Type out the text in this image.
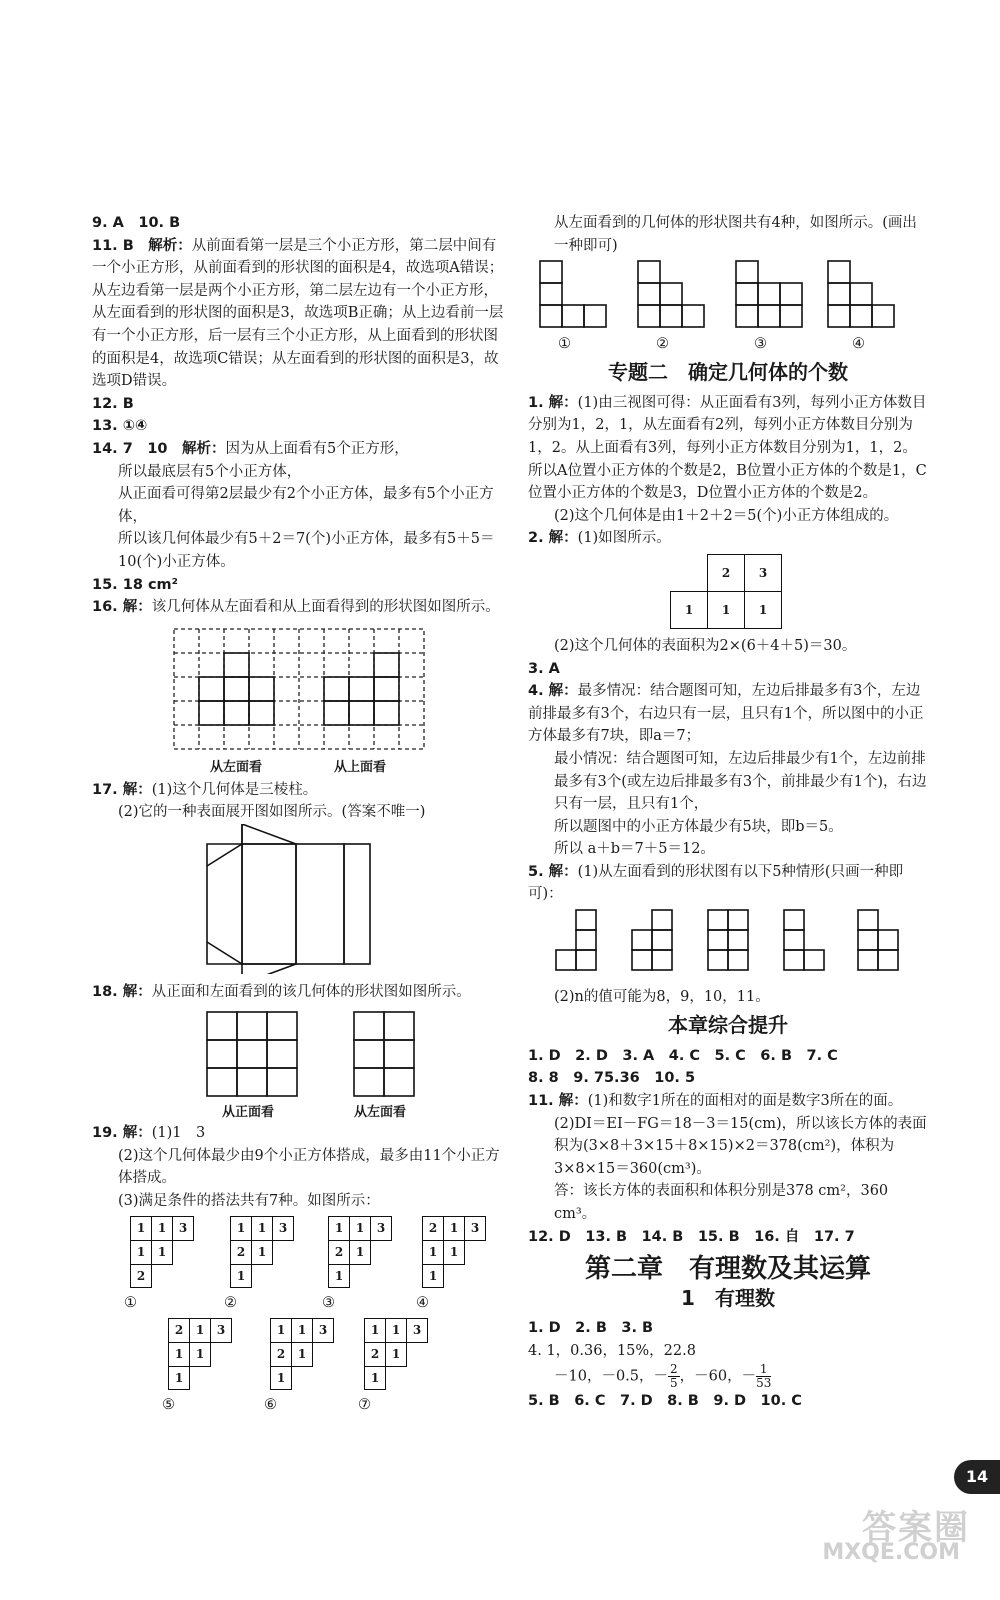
9. A　10. B

11. B　 解析：从前面看第一层是三个小正方形，第二层中间有一个小正方形，从前面看到的形状图的面积是4，故选项A错误；从左边看第一层是两个小正方形，第二层左边有一个小正方形，从左面看到的形状图的面积是3，故选项B正确；从上边看前一层有一个小正方形，后一层有三个小正方形，从上面看到的形状图的面积是4，故选项C错误；从左面看到的形状图的面积是3，故选项D错误。

12. B

13. ①④

14. 7　10　 解析：因为从上面看有5个正方形，

所以最底层有5个小正方体，

从正面看可得第2层最少有2个小正方体，最多有5个小正方体，

所以该几何体最少有5＋2＝7(个)小正方体，最多有5＋5＝10(个)小正方体。

15. 18 cm²

16. 解：该几何体从左面看和从上面看得到的形状图如图所示。

从左面看	从上面看

17. 解：(1)这个几何体是三棱柱。

(2)它的一种表面展开图如图所示。(答案不唯一)

18. 解：从正面和左面看到的该几何体的形状图如图所示。

从正面看	从左面看

19. 解：(1)1　3

(2)这个几何体最少由9个小正方体搭成，最多由11个小正方体搭成。

(3)满足条件的搭法共有7种。如图所示：

1	1	3
1	1	
2		
①
1	1	3
2	1	
1		
②
1	1	3
2	1	
1		
③
2	1	3
1	1	
1		
④
2	1	3
1	1	
1		
⑤
1	1	3
2	1	
1		
⑥
1	1	3
2	1	
1		
⑦

从左面看到的几何体的形状图共有4种，如图所示。(画出一种即可)

①	②	③	④
专题二　确定几何体的个数

1. 解：(1)由三视图可得：从正面看有3列，每列小正方体数目分别为1，2，1，从左面看有2列，每列小正方体数目分别为1，2。从上面看有3列，每列小正方体数目分别为1，1，2。所以A位置小正方体的个数是2，B位置小正方体的个数是1，C位置小正方体的个数是3，D位置小正方体的个数是2。

(2)这个几何体是由1＋2＋2＝5(个)小正方体组成的。

2. 解：(1)如图所示。

	2	3
1	1	1

(2)这个几何体的表面积为2×(6＋4＋5)＝30。

3. A

4. 解：最多情况：结合题图可知，左边后排最多有3个，左边前排最多有3个，右边只有一层，且只有1个，所以图中的小正方体最多有7块，即a＝7；

最小情况：结合题图可知，左边后排最少有1个，左边前排最多有3个(或左边后排最多有3个，前排最少有1个)，右边只有一层，且只有1个，

所以题图中的小正方体最少有5块，即b＝5。

所以 a＋b＝7＋5＝12。

5. 解：(1)从左面看到的形状图有以下5种情形(只画一种即可)：

(2)n的值可能为8，9，10，11。

本章综合提升

1. D　2. D　3. A　4. C　5. C　6. B　7. C

8. 8　9. 75.36　10. 5

11. 解：(1)和数字1所在的面相对的面是数字3所在的面。

(2)DI＝EI－FG＝18－3＝15(cm)，所以该长方体的表面积为(3×8＋3×15＋8×15)×2＝378(cm²)，体积为3×8×15＝360(cm³)。

答：该长方体的表面积和体积分别是378 cm²，360 cm³。

12. D　13. B　14. B　15. B　16. 自　17. 7

第二章　有理数及其运算
1　有理数

1. D　2. B　3. B

4. 1，0.36，15%，22.8

－10，－0.5，－ $\frac{2}{5}$ ，－60，－ $\frac{1}{53}$

5. B　6. C　7. D　8. B　9. D　10. C

14
答案圈
MXQE.COM
